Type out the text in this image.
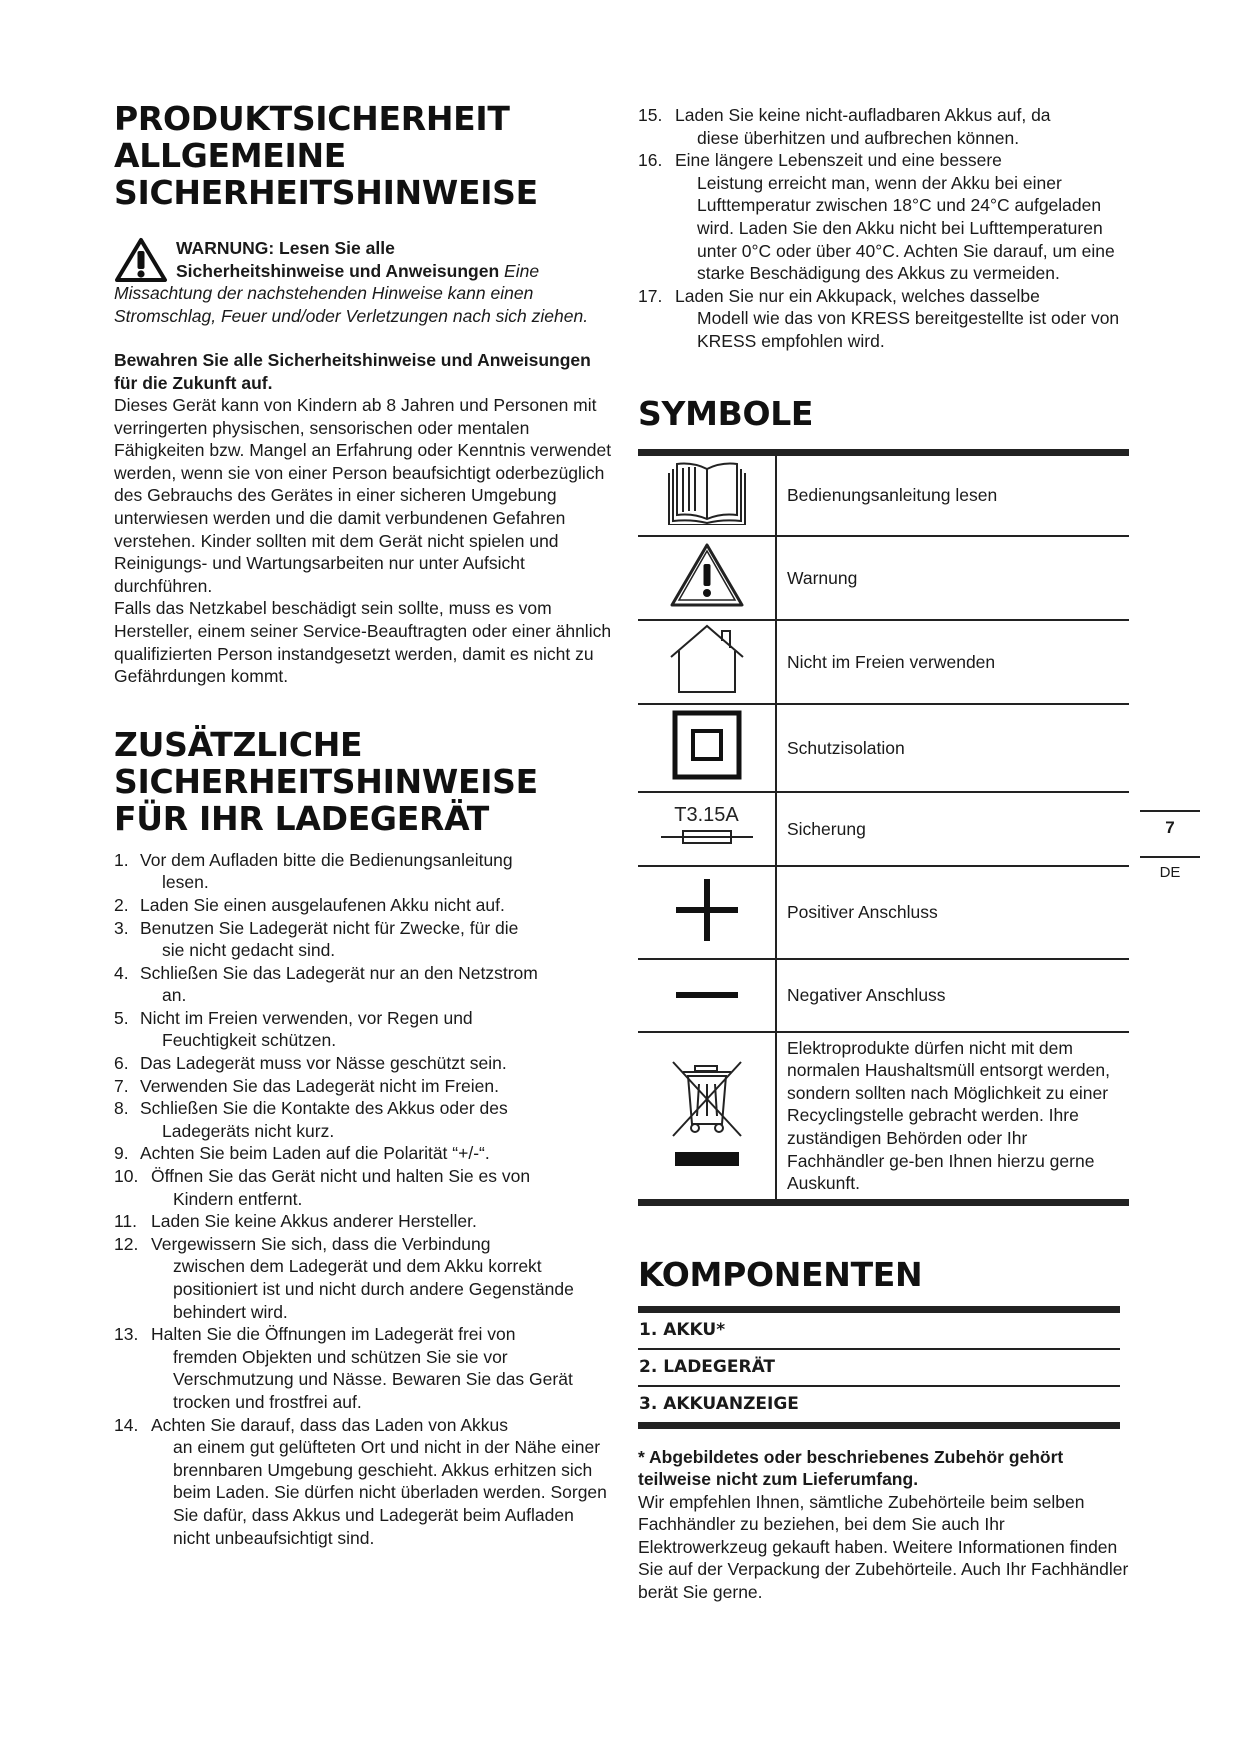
PRODUKTSICHERHEIT
ALLGEMEINE
SICHERHEITSHINWEISE
WARNUNG: Lesen Sie alle
Sicherheitshinweise und Anweisungen Eine
Missachtung der nachstehenden Hinweise kann einen Stromschlag, Feuer und/oder Verletzungen nach sich ziehen.
Bewahren Sie alle Sicherheitshinweise und Anweisungen für die Zukunft auf.
Dieses Gerät kann von Kindern ab 8 Jahren und Personen mit verringerten physischen, sensorischen oder mentalen Fähigkeiten bzw. Mangel an Erfahrung oder Kenntnis verwendet werden, wenn sie von einer Person beaufsichtigt oderbezüglich des Gebrauchs des Gerätes in einer sicheren Umgebung unterwiesen werden und die damit verbundenen Gefahren verstehen. Kinder sollten mit dem Gerät nicht spielen und Reinigungs- und Wartungsarbeiten nur unter Aufsicht durchführen.
Falls das Netzkabel beschädigt sein sollte, muss es vom Hersteller, einem seiner Service-Beauftragten oder einer ähnlich qualifizierten Person instandgesetzt werden, damit es nicht zu Gefährdungen kommt.
ZUSÄTZLICHE
SICHERHEITSHINWEISE
FÜR IHR LADEGERÄT
1. Vor dem Aufladen bitte die Bedienungsanleitung
lesen.
2. Laden Sie einen ausgelaufenen Akku nicht auf.
3. Benutzen Sie Ladegerät nicht für Zwecke, für die
sie nicht gedacht sind.
4. Schließen Sie das Ladegerät nur an den Netzstrom
an.
5. Nicht im Freien verwenden, vor Regen und
Feuchtigkeit schützen.
6. Das Ladegerät muss vor Nässe geschützt sein.
7. Verwenden Sie das Ladegerät nicht im Freien.
8. Schließen Sie die Kontakte des Akkus oder des
Ladegeräts nicht kurz.
9. Achten Sie beim Laden auf die Polarität “+/-“.
10. Öffnen Sie das Gerät nicht und halten Sie es von
Kindern entfernt.
11. Laden Sie keine Akkus anderer Hersteller.
12. Vergewissern Sie sich, dass die Verbindung
zwischen dem Ladegerät und dem Akku korrekt positioniert ist und nicht durch andere Gegenstände behindert wird.
13. Halten Sie die Öffnungen im Ladegerät frei von
fremden Objekten und schützen Sie sie vor Verschmutzung und Nässe. Bewaren Sie das Gerät trocken und frostfrei auf.
14. Achten Sie darauf, dass das Laden von Akkus
an einem gut gelüfteten Ort und nicht in der Nähe einer brennbaren Umgebung geschieht. Akkus erhitzen sich beim Laden. Sie dürfen nicht überladen werden. Sorgen Sie dafür, dass Akkus und Ladegerät beim Aufladen nicht unbeaufsichtigt sind.
15. Laden Sie keine nicht-aufladbaren Akkus auf, da
diese überhitzen und aufbrechen können.
16. Eine längere Lebenszeit und eine bessere
Leistung erreicht man, wenn der Akku bei einer Lufttemperatur zwischen 18°C und 24°C aufgeladen wird. Laden Sie den Akku nicht bei Lufttemperaturen unter 0°C oder über 40°C. Achten Sie darauf, um eine starke Beschädigung des Akkus zu vermeiden.
17. Laden Sie nur ein Akkupack, welches dasselbe
Modell wie das von KRESS bereitgestellte ist oder von KRESS empfohlen wird.
SYMBOLE
	Bedienungsanleitung lesen
	Warnung
	Nicht im Freien verwenden
	Schutzisolation

T3.15A	Sicherung
	Positiver Anschluss
	Negativer Anschluss
	Elektroprodukte dürfen nicht mit dem normalen Haushaltsmüll entsorgt werden, sondern sollten nach Möglichkeit zu einer Recyclingstelle gebracht werden. Ihre zuständigen Behörden oder Ihr Fachhändler ge-ben Ihnen hierzu gerne Auskunft.
KOMPONENTEN
1. AKKU*
2. LADEGERÄT
3. AKKUANZEIGE
* Abgebildetes oder beschriebenes Zubehör gehört teilweise nicht zum Lieferumfang.
Wir empfehlen Ihnen, sämtliche Zubehörteile beim selben Fachhändler zu beziehen, bei dem Sie auch Ihr Elektrowerkzeug gekauft haben. Weitere Informationen finden Sie auf der Verpackung der Zubehörteile. Auch Ihr Fachhändler berät Sie gerne.
7
DE
